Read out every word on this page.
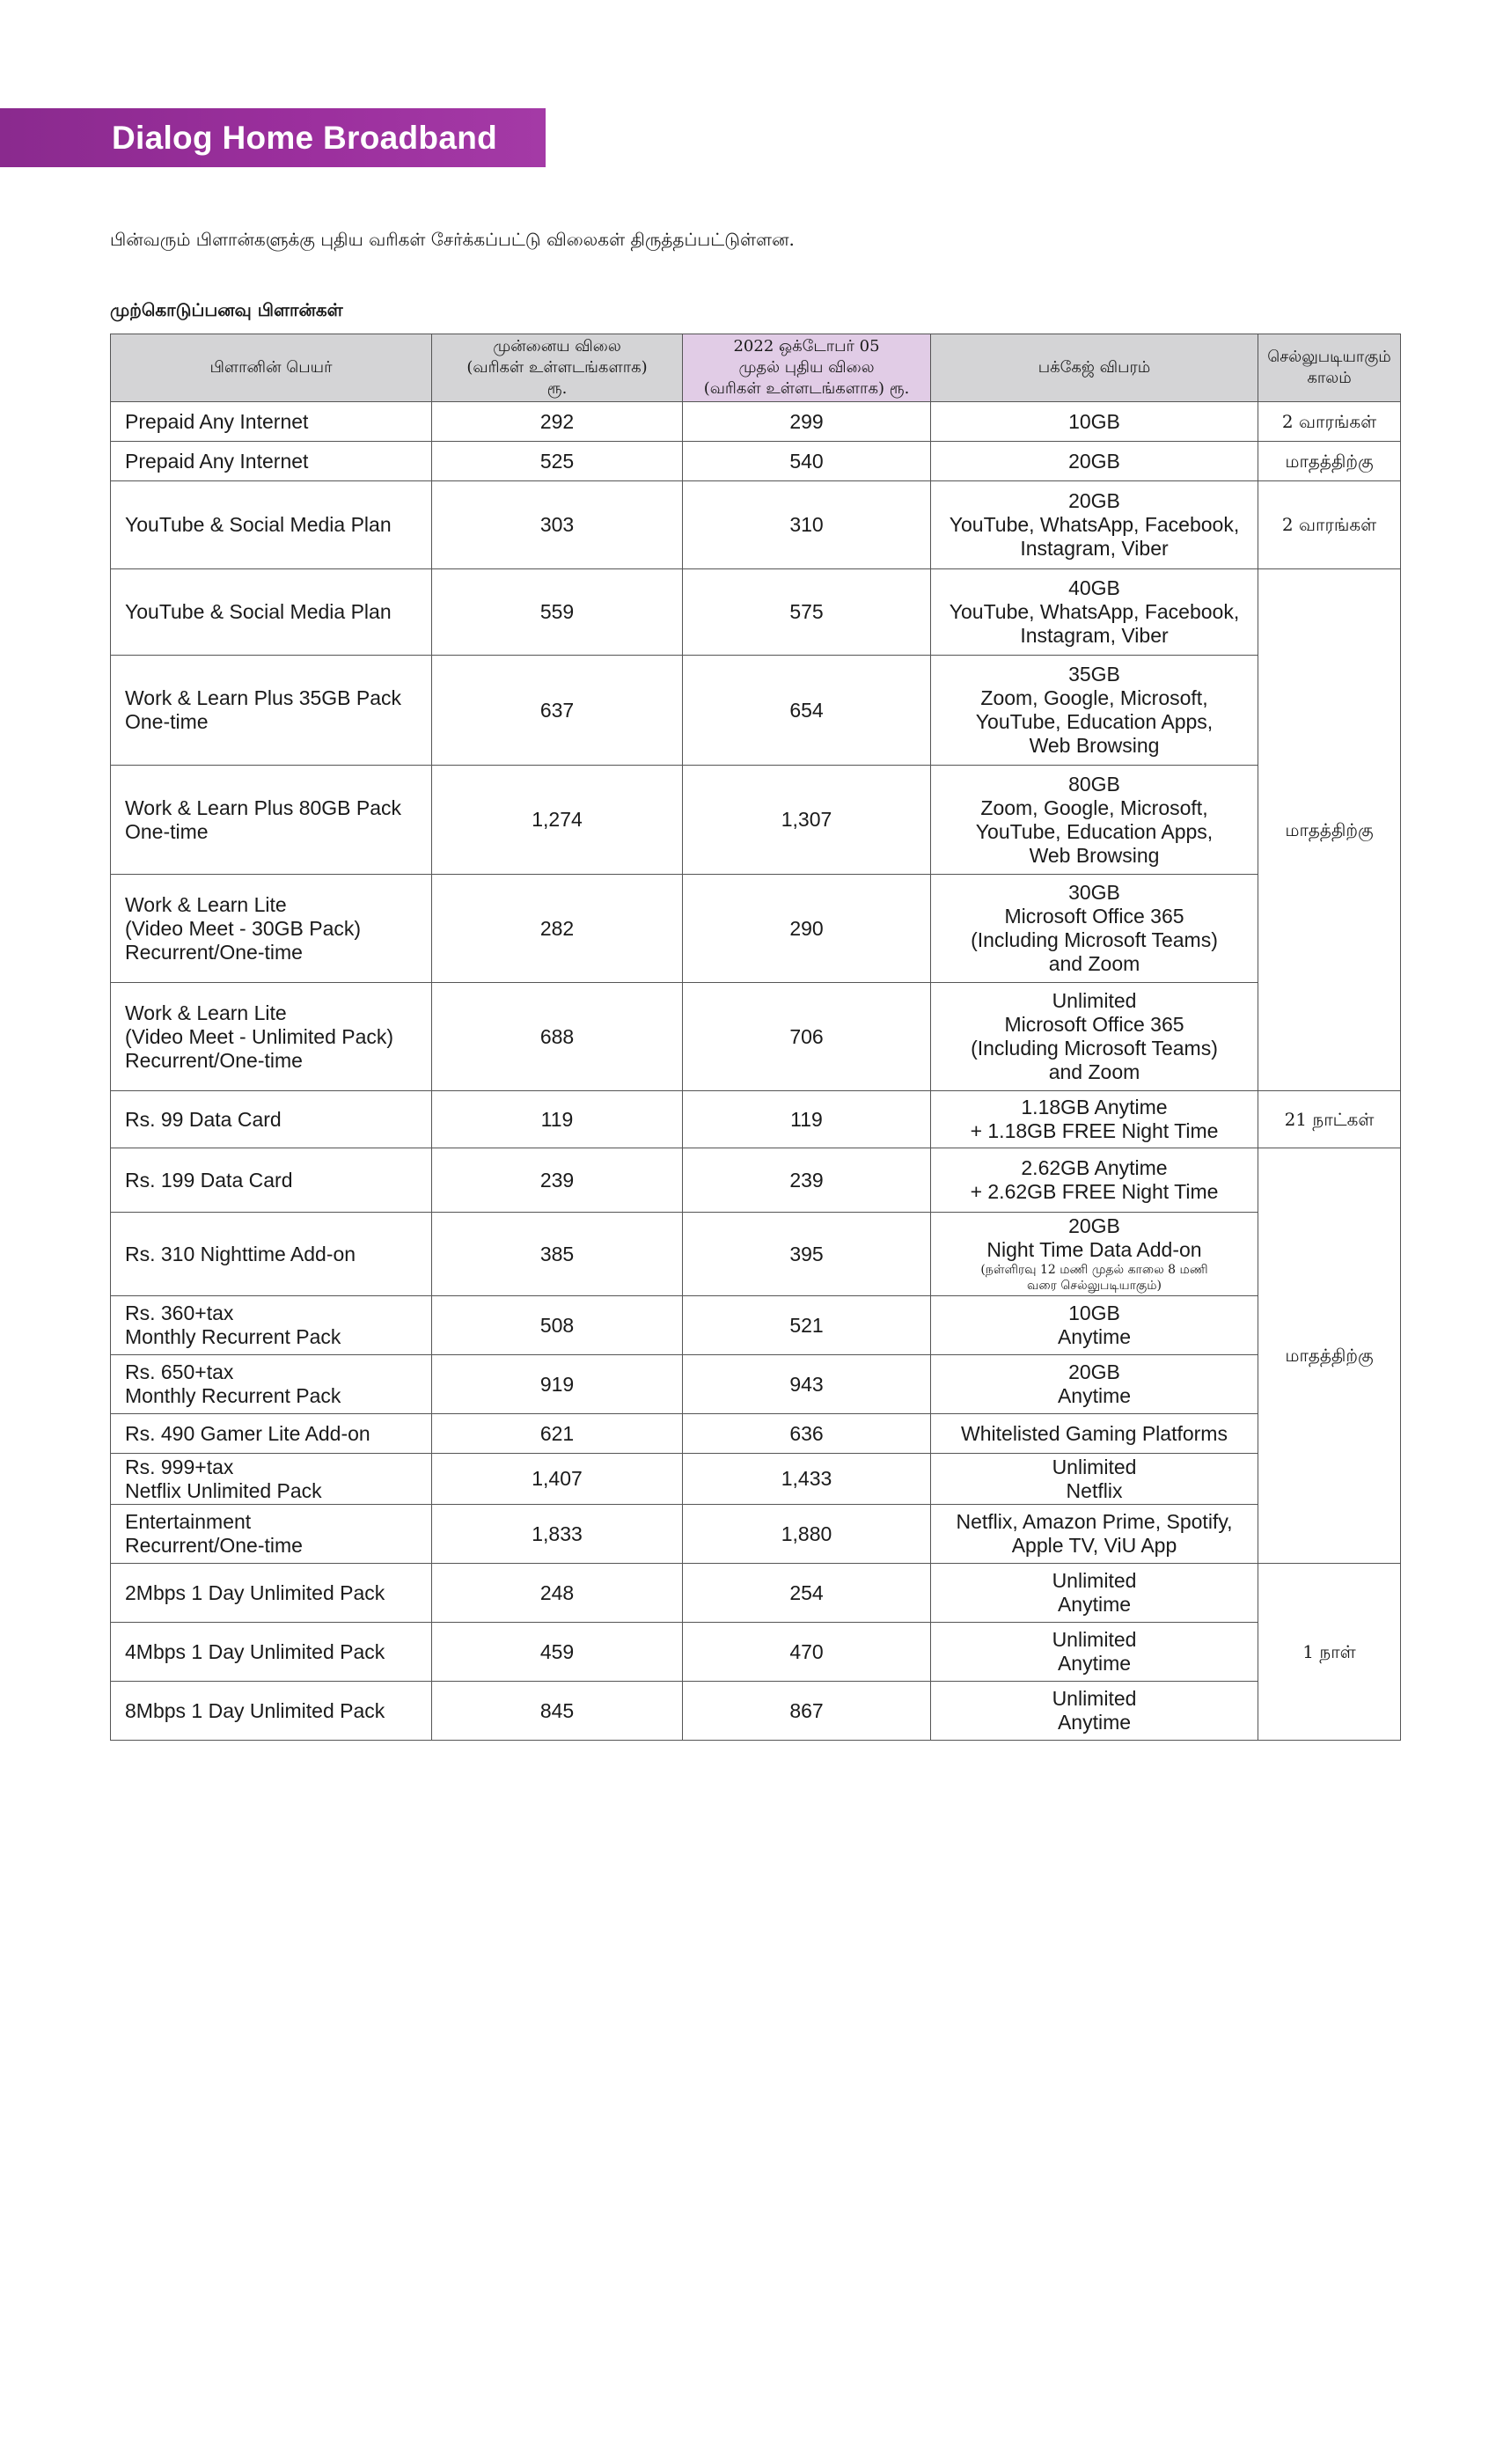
Dialog Home Broadband
பின்வரும் பிளான்களுக்கு புதிய வரிகள் சேர்க்கப்பட்டு விலைகள் திருத்தப்பட்டுள்ளன.
முற்கொடுப்பனவு பிளான்கள்
பிளானின் பெயர்	முன்னைய விலை
(வரிகள் உள்ளடங்களாக)
ரூ.	2022 ஒக்டோபர் 05
முதல் புதிய விலை
(வரிகள் உள்ளடங்களாக) ரூ.	பக்கேஜ் விபரம்	செல்லுபடியாகும்
காலம்
Prepaid Any Internet	292	299	10GB	2 வாரங்கள்
Prepaid Any Internet	525	540	20GB	மாதத்திற்கு
YouTube & Social Media Plan	303	310	20GB
YouTube, WhatsApp, Facebook,
Instagram, Viber	2 வாரங்கள்
YouTube & Social Media Plan	559	575	40GB
YouTube, WhatsApp, Facebook,
Instagram, Viber	மாதத்திற்கு
Work & Learn Plus 35GB Pack
One-time	637	654	35GB
Zoom, Google, Microsoft,
YouTube, Education Apps,
Web Browsing	
Work & Learn Plus 80GB Pack
One-time	1,274	1,307	80GB
Zoom, Google, Microsoft,
YouTube, Education Apps,
Web Browsing	
Work & Learn Lite
(Video Meet - 30GB Pack)
Recurrent/One-time	282	290	30GB
Microsoft Office 365
(Including Microsoft Teams)
and Zoom	
Work & Learn Lite
(Video Meet - Unlimited Pack)
Recurrent/One-time	688	706	Unlimited
Microsoft Office 365
(Including Microsoft Teams)
and Zoom	
Rs. 99 Data Card	119	119	1.18GB Anytime
+ 1.18GB FREE Night Time	21 நாட்கள்
Rs. 199 Data Card	239	239	2.62GB Anytime
+ 2.62GB FREE Night Time	மாதத்திற்கு
Rs. 310 Nighttime Add-on	385	395	20GB
Night Time Data Add-on
(நள்ளிரவு 12 மணி முதல் காலை 8 மணி
வரை செல்லுபடியாகும்)	

Rs. 360+tax
Monthly Recurrent Pack	508	521	10GB
Anytime	
Rs. 650+tax
Monthly Recurrent Pack	919	943	20GB
Anytime	
Rs. 490 Gamer Lite Add-on	621	636	Whitelisted Gaming Platforms	
Rs. 999+tax
Netflix Unlimited Pack	1,407	1,433	Unlimited
Netflix	
Entertainment
Recurrent/One-time	1,833	1,880	Netflix, Amazon Prime, Spotify,
Apple TV, ViU App	
2Mbps 1 Day Unlimited Pack	248	254	Unlimited
Anytime	1 நாள்
4Mbps 1 Day Unlimited Pack	459	470	Unlimited
Anytime	
8Mbps 1 Day Unlimited Pack	845	867	Unlimited
Anytime	
